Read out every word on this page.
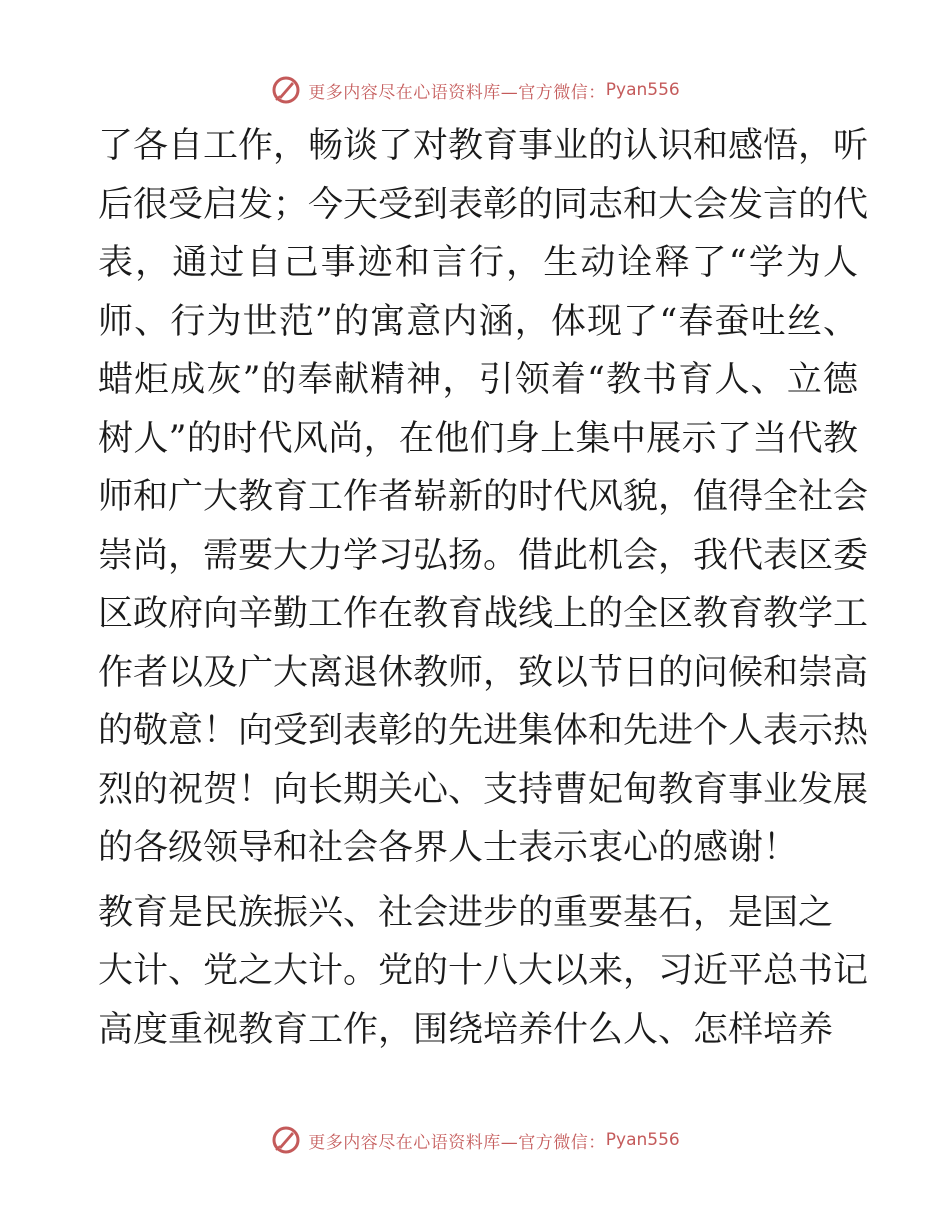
更多内容尽在心语资料库—官方微信： Pyan556
了各自工作，畅谈了对教育事业的认识和感悟，听
后很受启发；今天受到表彰的同志和大会发言的代
表，通过自己事迹和言行，生动诠释了“学为人
师、行为世范”的寓意内涵，体现了“春蚕吐丝、
蜡炬成灰”的奉献精神，引领着“教书育人、立德
树人”的时代风尚，在他们身上集中展示了当代教
师和广大教育工作者崭新的时代风貌，值得全社会
崇尚，需要大力学习弘扬。借此机会，我代表区委
区政府向辛勤工作在教育战线上的全区教育教学工
作者以及广大离退休教师，致以节日的问候和崇高
的敬意！向受到表彰的先进集体和先进个人表示热
烈的祝贺！向长期关心、支持曹妃甸教育事业发展
的各级领导和社会各界人士表示衷心的感谢！
教育是民族振兴、社会进步的重要基石，是国之
大计、党之大计。党的十八大以来，习近平总书记
高度重视教育工作，围绕培养什么人、怎样培养
更多内容尽在心语资料库—官方微信： Pyan556
